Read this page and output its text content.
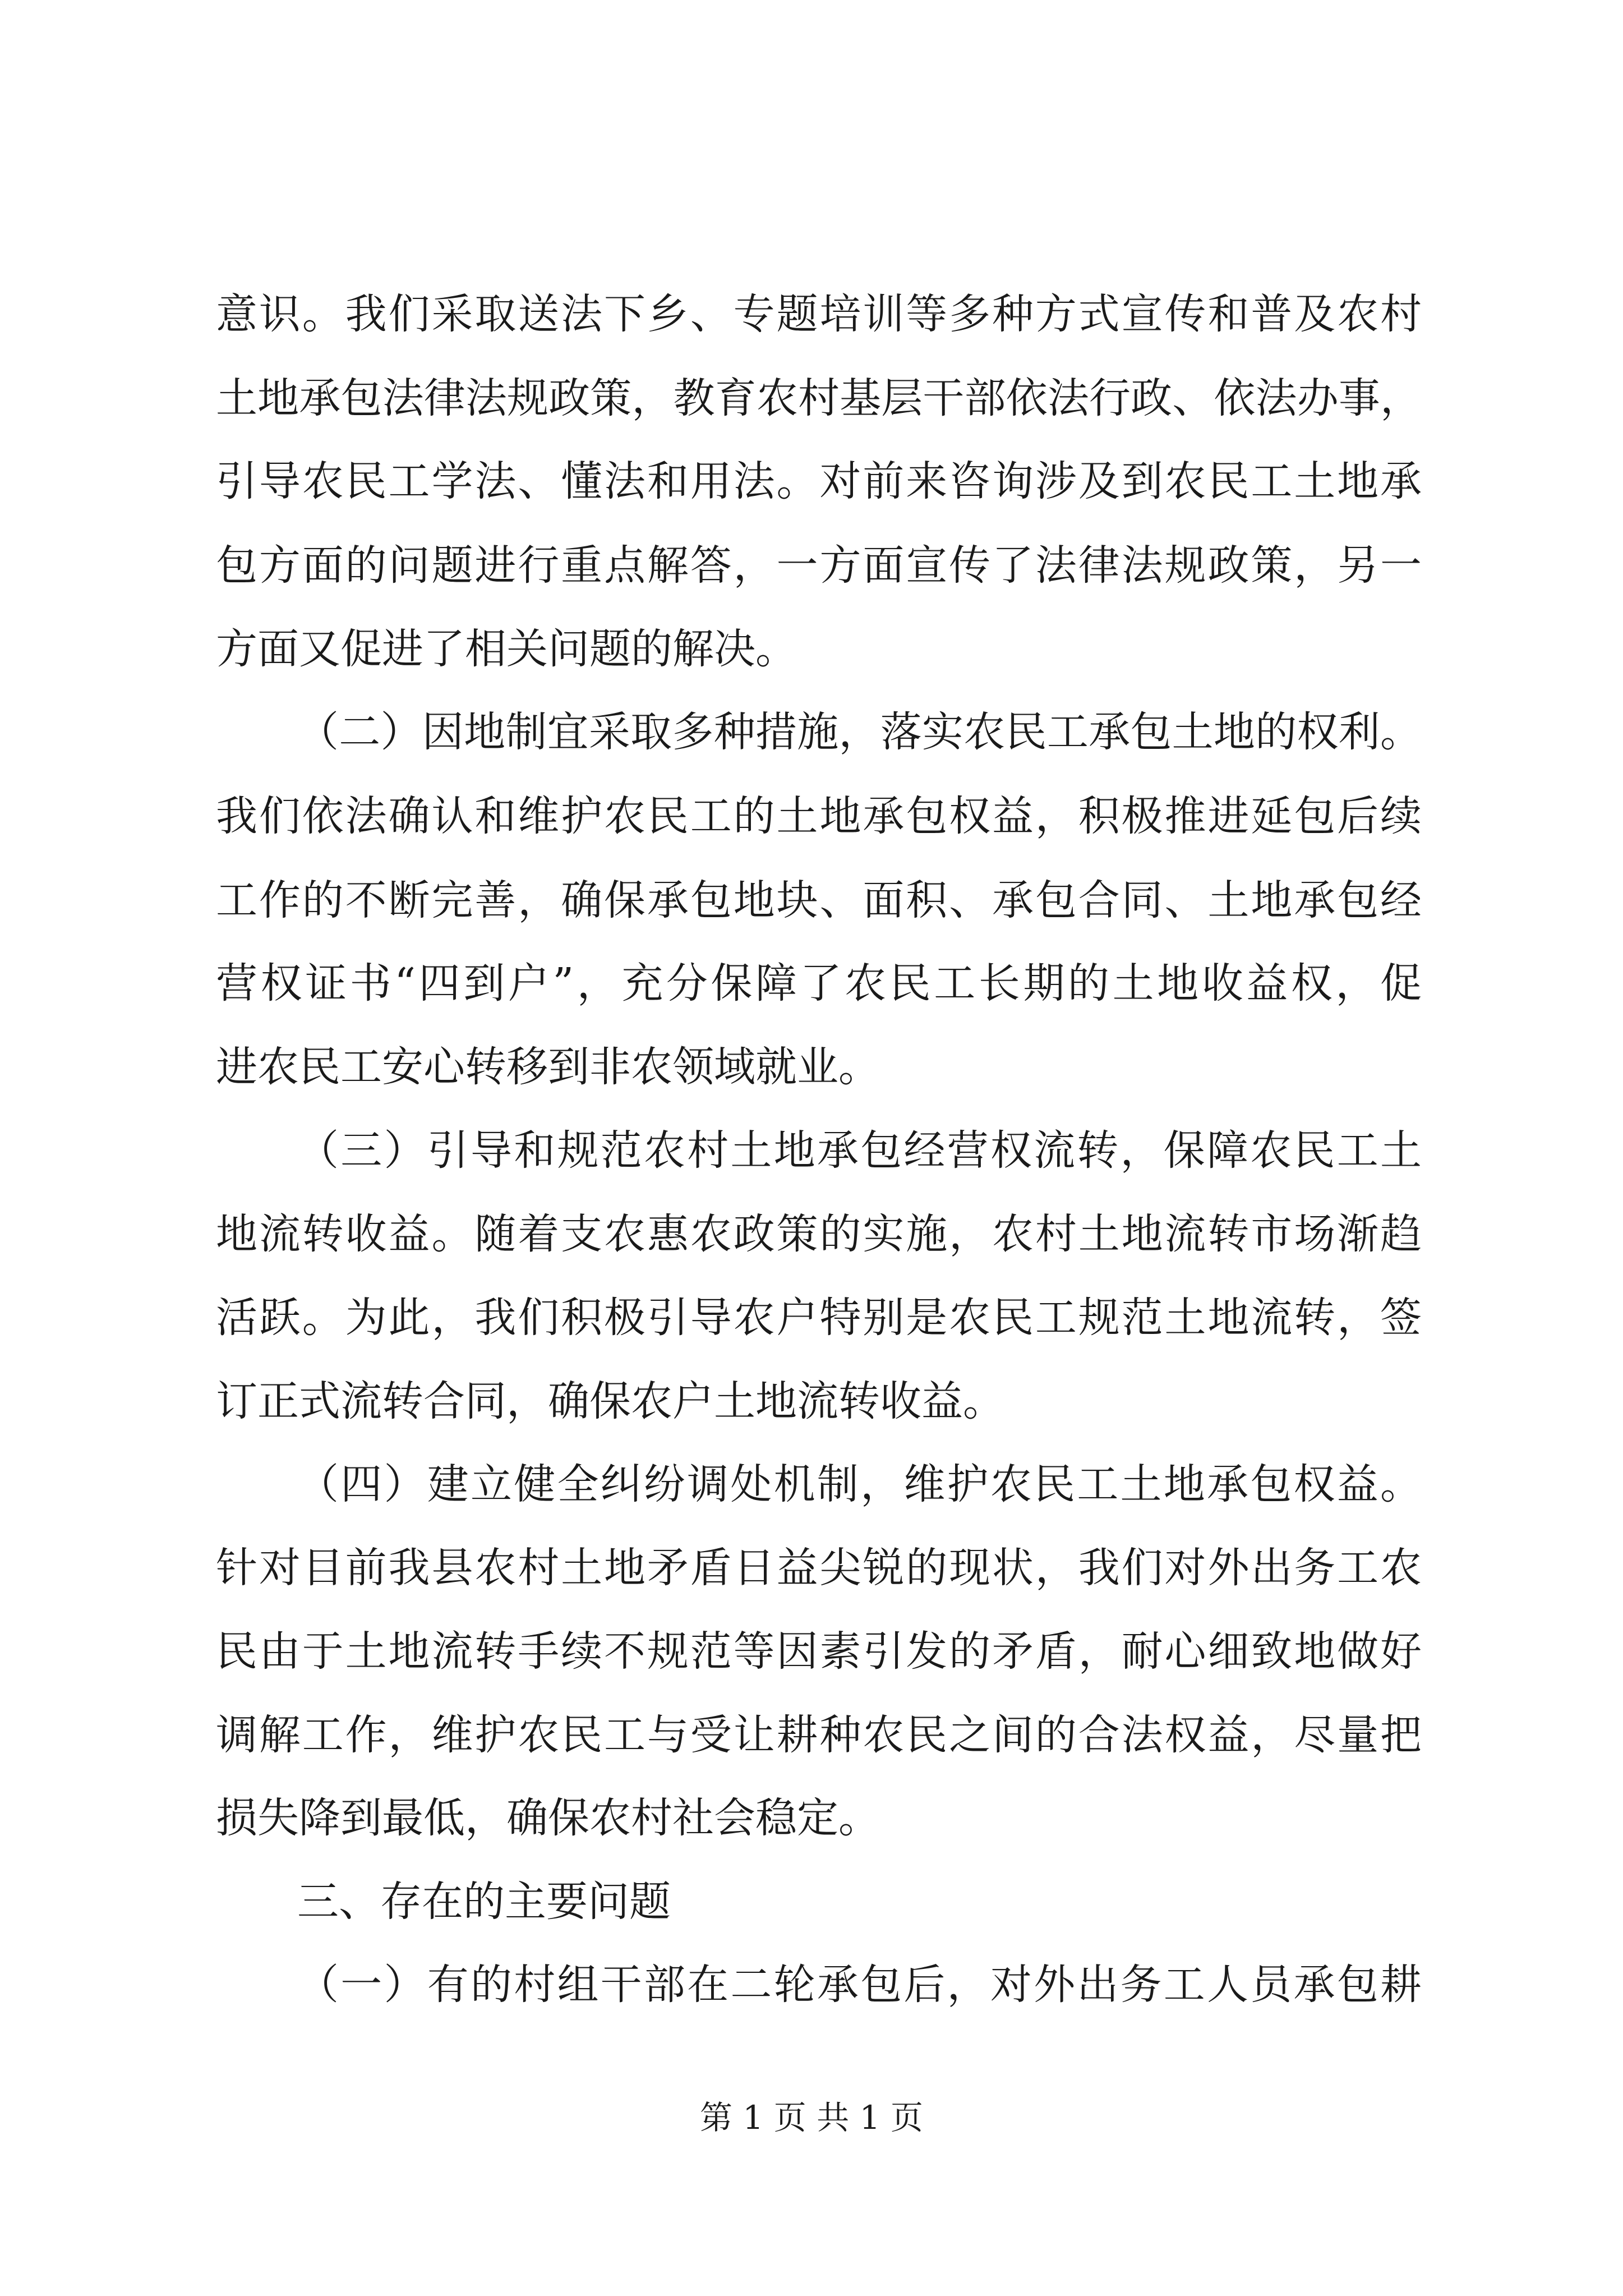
意识。我们采取送法下乡、专题培训等多种方式宣传和普及农村
土地承包法律法规政策，教育农村基层干部依法行政、依法办事，
引导农民工学法、懂法和用法。对前来咨询涉及到农民工土地承
包方面的问题进行重点解答，一方面宣传了法律法规政策，另一
方面又促进了相关问题的解决。
（二）因地制宜采取多种措施，落实农民工承包土地的权利。
我们依法确认和维护农民工的土地承包权益，积极推进延包后续
工作的不断完善，确保承包地块、面积、承包合同、土地承包经
营权证书“四到户”，充分保障了农民工长期的土地收益权，促
进农民工安心转移到非农领域就业。
（三）引导和规范农村土地承包经营权流转，保障农民工土
地流转收益。随着支农惠农政策的实施，农村土地流转市场渐趋
活跃。为此，我们积极引导农户特别是农民工规范土地流转，签
订正式流转合同，确保农户土地流转收益。
（四）建立健全纠纷调处机制，维护农民工土地承包权益。
针对目前我县农村土地矛盾日益尖锐的现状，我们对外出务工农
民由于土地流转手续不规范等因素引发的矛盾，耐心细致地做好
调解工作，维护农民工与受让耕种农民之间的合法权益，尽量把
损失降到最低，确保农村社会稳定。
三、存在的主要问题
（一）有的村组干部在二轮承包后，对外出务工人员承包耕
第 1 页 共 1 页
